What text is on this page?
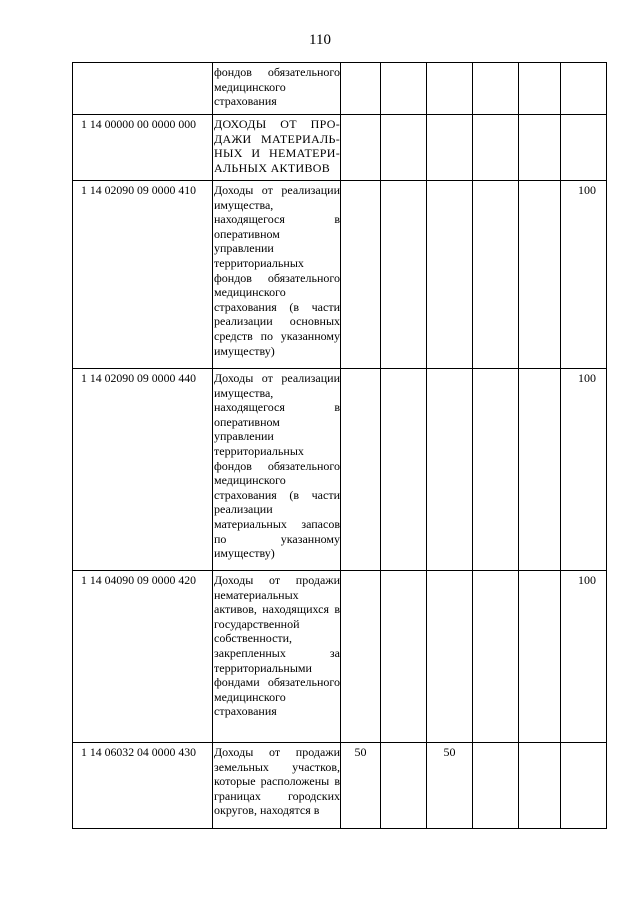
110
	фондов обязательного медицинского страхования						
1 14 00000 00 0000 000	ДОХОДЫ ОТ ПРО-ДАЖИ МАТЕРИАЛЬ-НЫХ И НЕМАТЕРИ-АЛЬНЫХ АКТИВОВ						
1 14 02090 09 0000 410	Доходы от реализации имущества, находящегося в оперативном управлении территориальных фондов обязательного медицинского страхования (в части реализации основных средств по указанному имуществу)						100
1 14 02090 09 0000 440	Доходы от реализации имущества, находящегося в оперативном управлении территориальных фондов обязательного медицинского страхования (в части реализации материальных запасов по указанному имуществу)						100
1 14 04090 09 0000 420	Доходы от продажи нематериальных активов, находящихся в государственной собственности, закрепленных за территориальными фондами обязательного медицинского страхования						100
1 14 06032 04 0000 430	Доходы от продажи земельных участков, которые расположены в границах городских округов, находятся в	50		50			
